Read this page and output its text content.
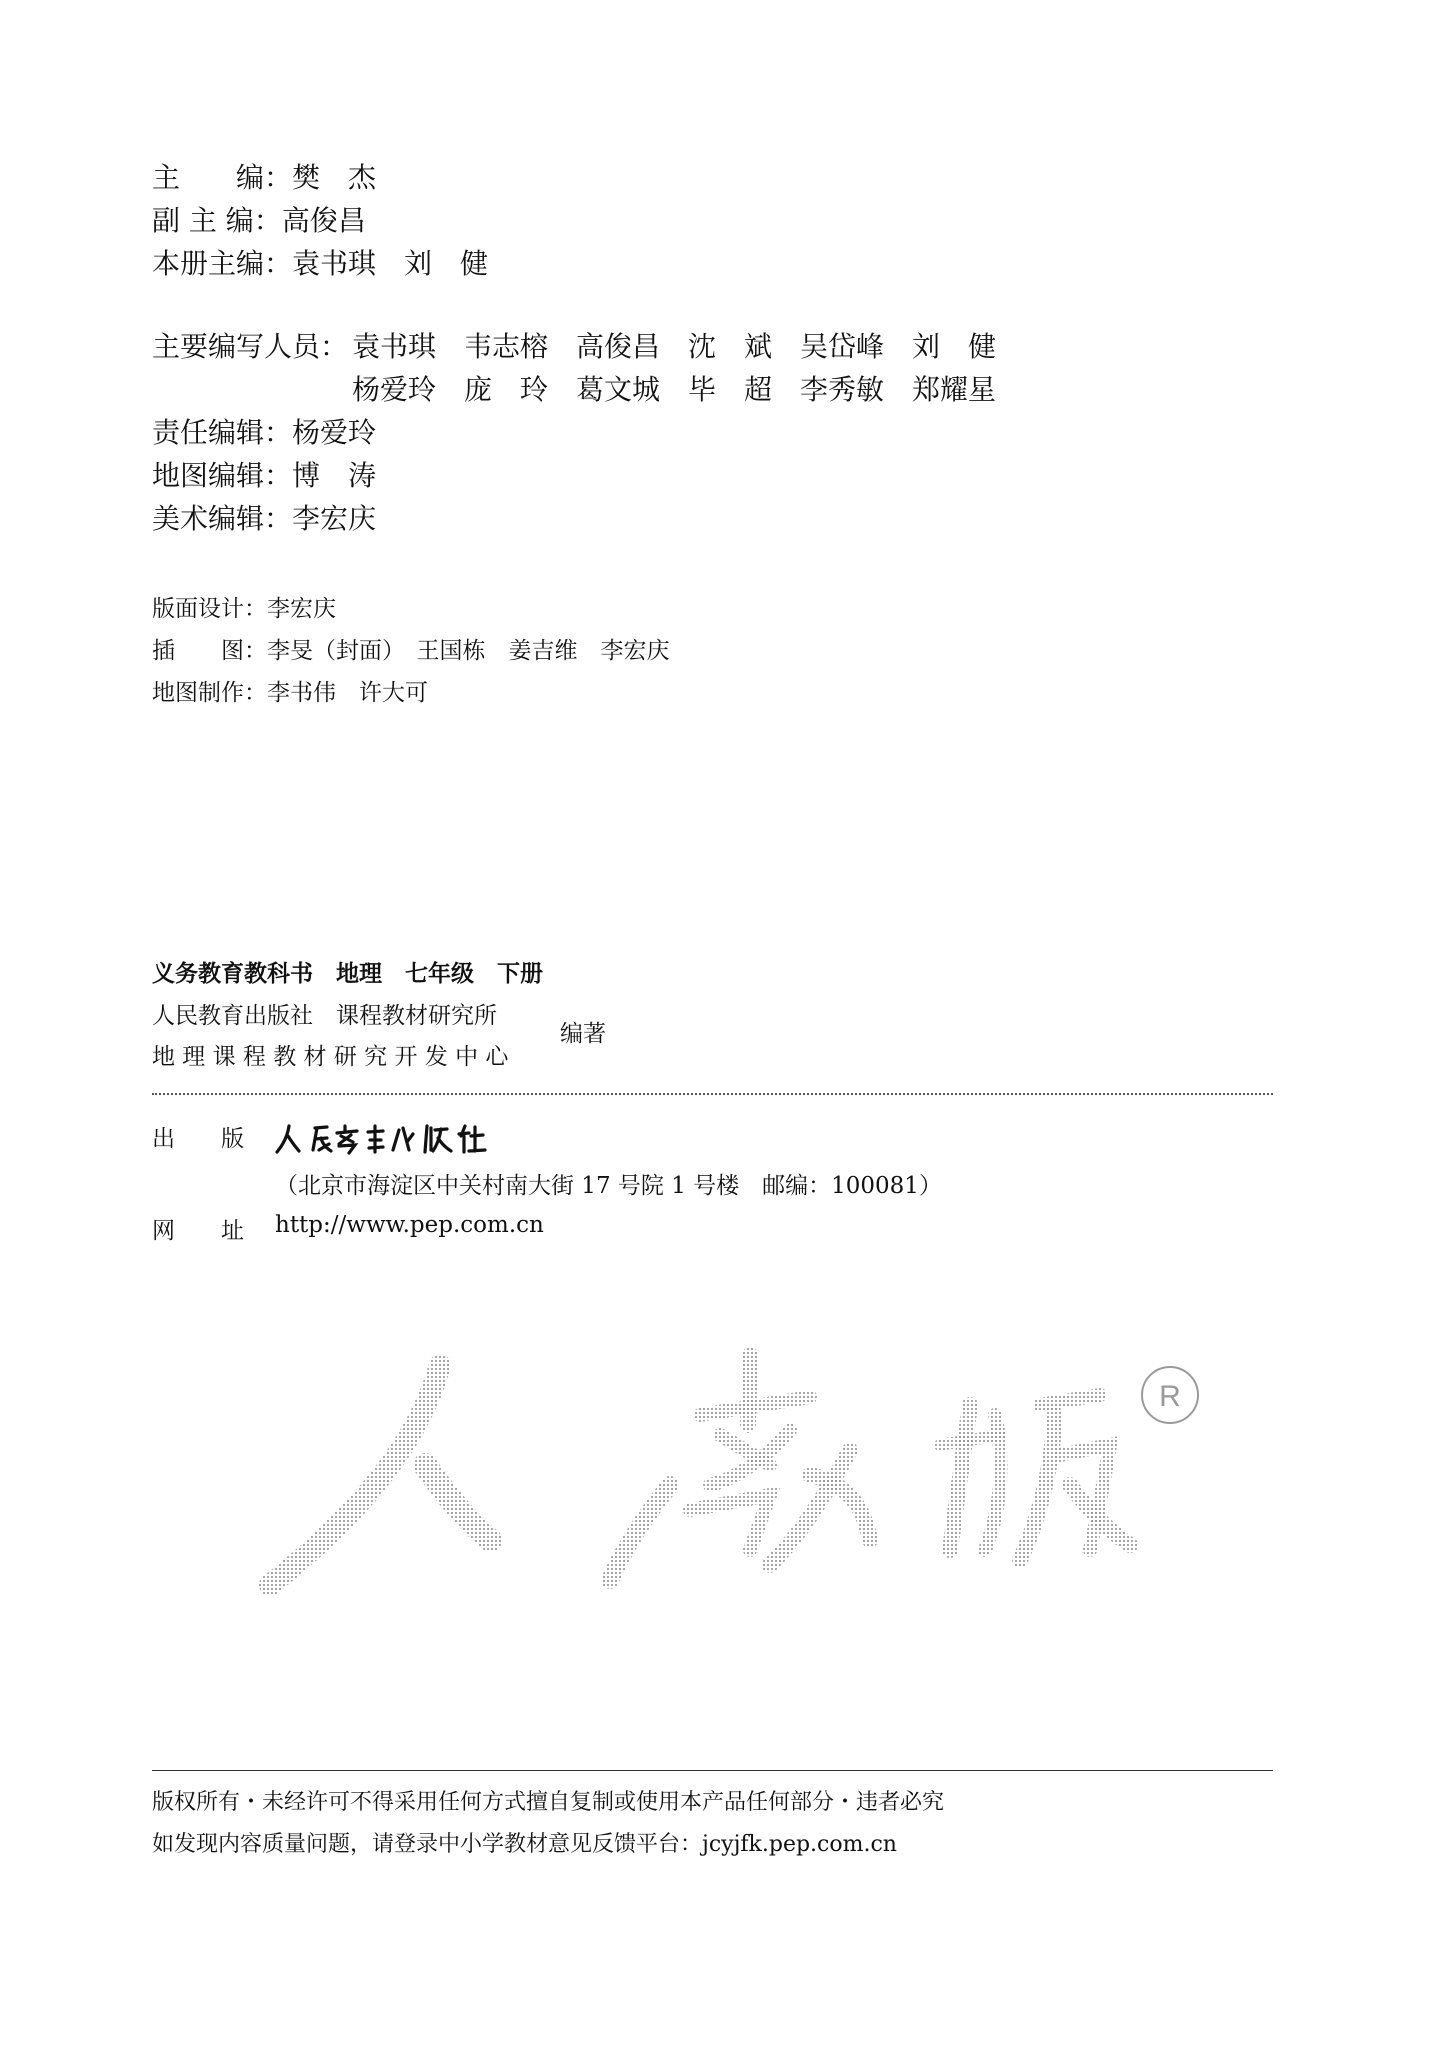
主　　编：樊　杰
副 主 编：高俊昌
本册主编：袁书琪　刘　健
主要编写人员： 袁书琪　韦志榕　高俊昌　沈　斌　吴岱峰　刘　健
杨爱玲　庞　玲　葛文城　毕　超　李秀敏　郑耀星
责任编辑：杨爱玲
地图编辑：博　涛
美术编辑：李宏庆
版面设计：李宏庆
插　　图：李旻（封面）　王国栋　姜吉维　李宏庆
地图制作：李书伟　许大可
义务教育教科书　地理　七年级　下册
人民教育出版社　课程教材研究所
地 理 课 程 教 材 研 究 开 发 中 心
编著
出　　版
（北京市海淀区中关村南大街 17 号院 1 号楼　邮编：100081）
网　　址 http://www.pep.com.cn
R
版权所有・未经许可不得采用任何方式擅自复制或使用本产品任何部分・违者必究
如发现内容质量问题，请登录中小学教材意见反馈平台：jcyjfk.pep.com.cn
